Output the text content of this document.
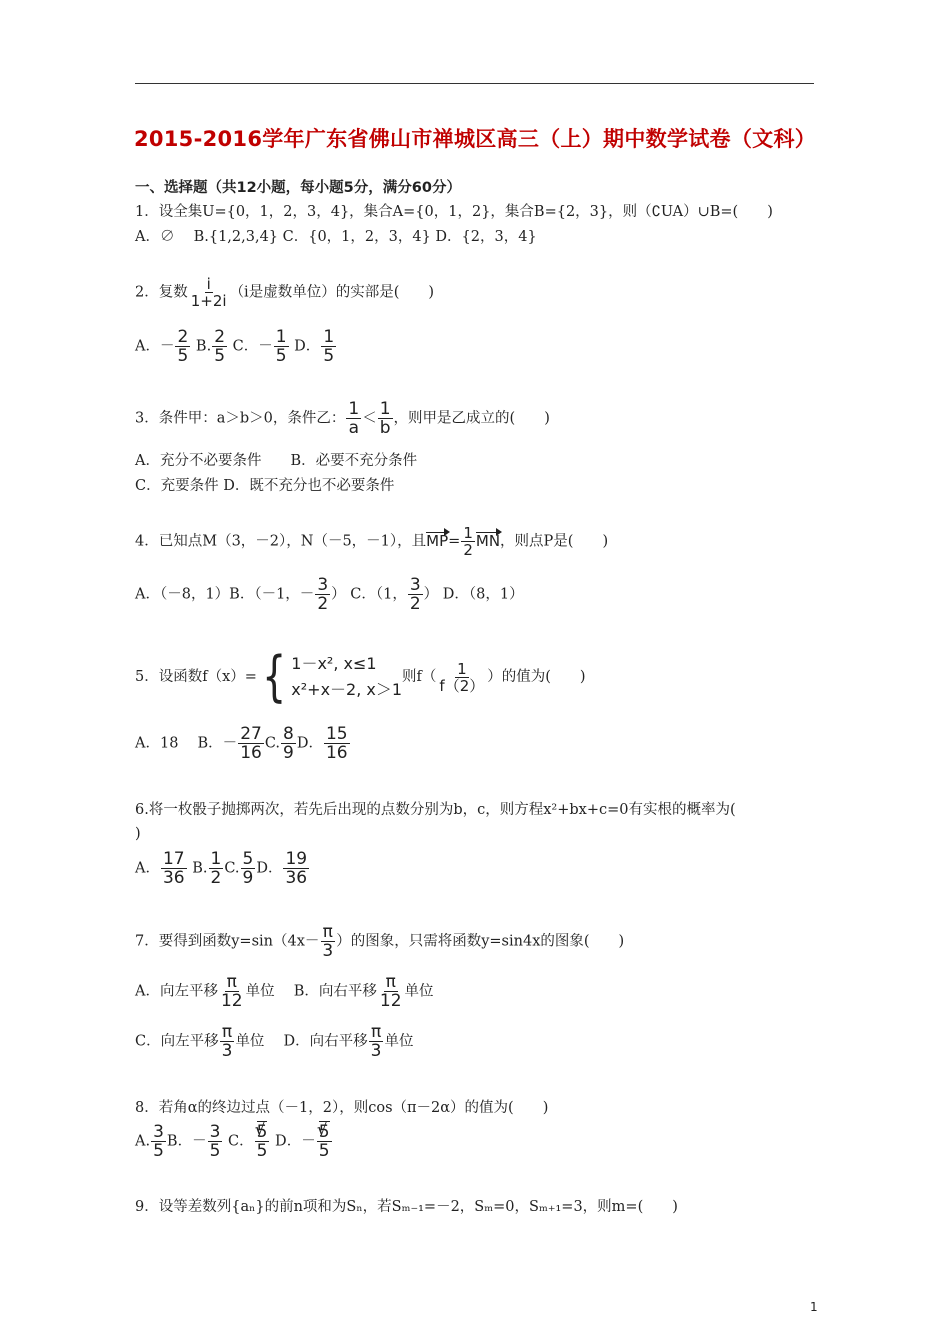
2015-2016学年广东省佛山市禅城区高三（上）期中数学试卷（文科）
一、选择题（共12小题，每小题5分，满分60分）
1．设全集U={0，1，2，3，4}，集合A={0，1，2}，集合B={2，3}，则（∁UA）∪B=(　　)
A．∅　 B.{1,2,3,4} C．{0，1，2，3，4} D．{2，3，4}
2．复数 $\frac{i}{1+2i} (i$是虚数单位）的实部是(　　)
A．－ $\frac{2}{5} B$. $\frac{2}{5}$ C．－ $\frac{1}{5}$ D． $\frac{1}{5}$
3．条件甲：a＞b＞0，条件乙： $\frac{1}{a} < \frac{1}{b}$ ，则甲是乙成立的(　　)
A．充分不必要条件　　B．必要不充分条件
C．充要条件 D．既不充分也不必要条件
4．已知点M（3，－2），N（－5，－1），且$MP= \frac{1}{2}$ MN，则点P是(　　)
A．（－8，1）B．（－1，－ $\frac{3}{2}$ ） C．（1， $\frac{3}{2}$ ） D．（8，1）
5．设函数f（x）= { 1－x², x≤1
x²+x－2, x＞1
则$f( \frac{1}{f(2)}$ ）的值为(　　)
A．18　 B．－ $\frac{27}{16} C$. $\frac{8}{9}$ D． $\frac{15}{16}$
6.将一枚骰子抛掷两次，若先后出现的点数分别为b，c，则方程x²+bx+c=0有实根的概率为(
)
A． $\frac{17}{36} B$. $\frac{1}{2} C$. $\frac{5}{9}$ D． $\frac{19}{36}$
7．要得到函数$y=\sin(4x- \frac{\pi}{3}$ ）的图象，只需将函数y=sin4x的图象(　　)
A．向左平移 $\frac{\pi}{12}$ 单位　 B．向右平移 $\frac{\pi}{12}$ 单位
C．向左平移 $\frac{\pi}{3}$ 单位　 D．向右平移 $\frac{\pi}{3}$ 单位
8．若角α的终边过点（－1，2），则cos（π－2α）的值为(　　)
A. $\frac{3}{5}$ B．－ $\frac{3}{5}$ C． √ $\frac{5}{5}$ D．－ √ $\frac{5}{5}$
9．设等差数列{aₙ}的前n项和为Sₙ，若Sₘ₋₁=－2，Sₘ=0，Sₘ₊₁=3，则m=(　　)
1
